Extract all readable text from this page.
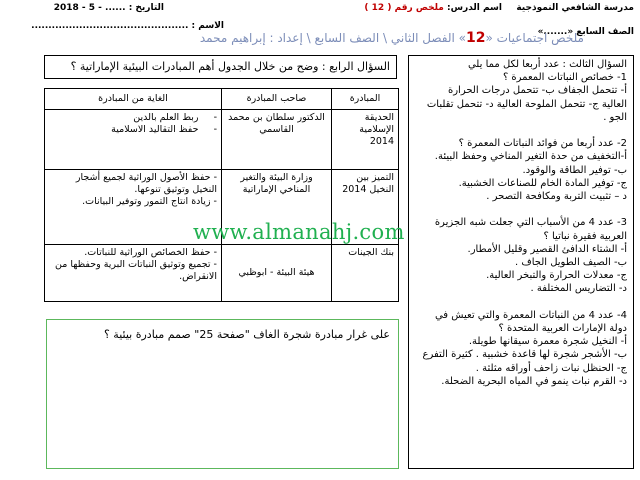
مدرسة الشافعي النموذجية
الصف السابع «.......»
اسم الدرس: ملخص رقم ( 12 )
التاريخ : ...... - 5 - 2018
الاسم : ..............................................
ملخص اجتماعيات «12» الفصل الثاني \ الصف السابع \ إعداد : إبراهيم محمد
السؤال الرابع : وضح من خلال الجدول أهم المبادرات البيئية الإماراتية ؟
المبادرة	صاحب المبادرة	الغاية من المبادرة
الحديقة الإسلامية 2014	الدكتور سلطان بن محمد القاسمي	-     ربط العلم بالدين
-     حفظ التقاليد الاسلامية

التميز بين النخيل 2014	وزارة البيئة والتغير المناخي الإماراتية	- حفظ الأصول الوراثية لجميع أشجار النخيل وتوثيق تنوعها.
- زيادة انتاج التمور وتوفير البيانات.

بنك الجينات	هيئة البيئة - ابوظبي	- حفظ الخصائص الوراثية للنباتات.
- تجميع وتوثيق النباتات البرية وحفظها من الانقراض.
على غرار مبادرة شجرة الغاف "صفحة 25" صمم مبادرة بيئية ؟

السؤال الثالث : عدد أربعا لكل مما يلي

1- خصائص النباتات المعمرة ؟

أ- تتحمل الجفاف ب- تتحمل درجات الحرارة

العالية ج- تتحمل الملوحة العالية د- تتحمل تقلبات

الجو .

2- عدد أربعا من فوائد النباتات المعمرة ؟

أ-التخفيف من حدة التغير المناخي وحفظ البيئة.

ب- توفير الطاقة والوقود.

ج- توفير المادة الخام للصناعات الخشبية.

د – تثبيت التربة ومكافحة التصحر .

3- عدد 4 من الأسباب التي جعلت شبه الجزيرة

العربية فقيرة نباتيا ؟

أ- الشتاء الدافئ القصير وقليل الأمطار.

ب- الصيف الطويل الجاف .

ج- معدلات الحرارة والتبخر العالية.

د- التضاريس المختلفة .

4- عدد 4 من النباتات المعمرة والتي تعيش في

دولة الإمارات العربية المتحدة ؟

أ- النخيل شجرة معمرة سيقانها طويلة.

ب- الأشجر شجرة لها قاعدة خشبية . كثيرة التفرع

ج- الحنظل نبات زاحف أوراقه مثلثة .

د- القرم نبات ينمو في المياه البحرية الضحلة.

www.almanahj.com
